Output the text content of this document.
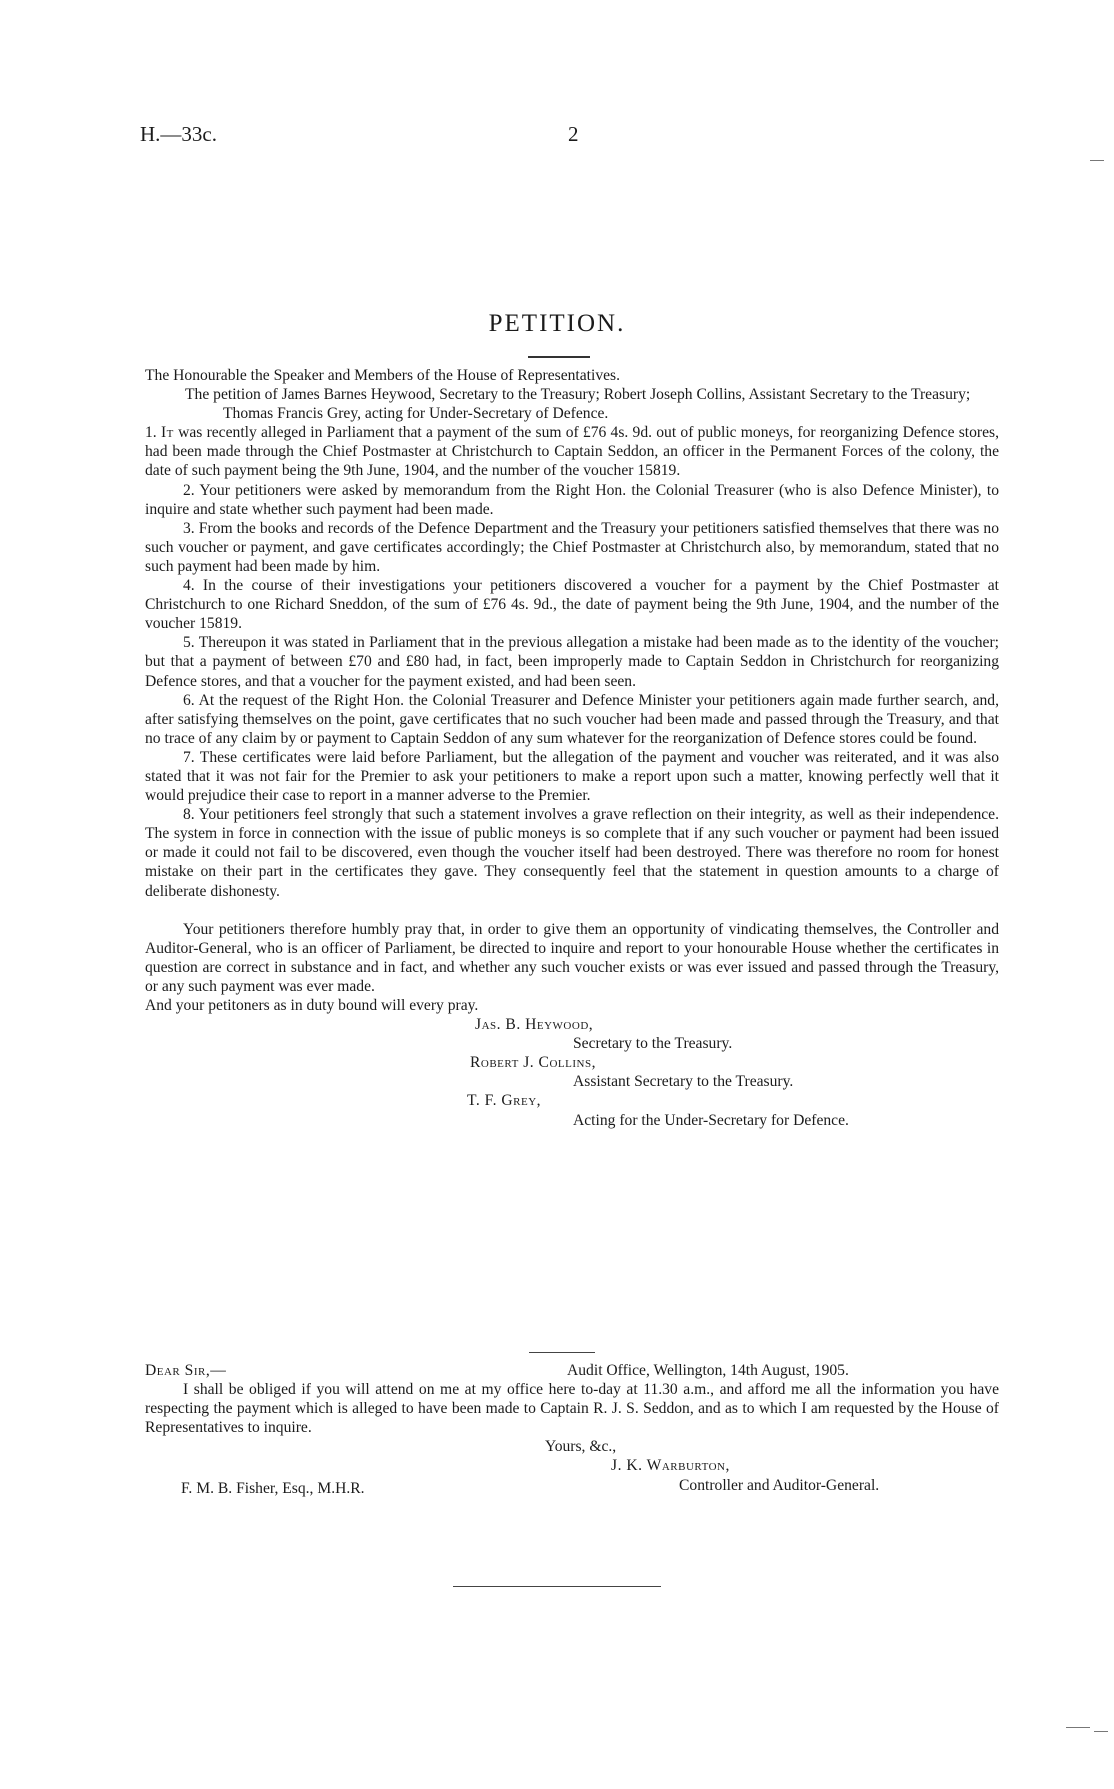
H.—33c.	2
PETITION.

The Honourable the Speaker and Members of the House of Representatives.

The petition of James Barnes Heywood, Secretary to the Treasury; Robert Joseph Collins, Assistant Secretary to the Treasury; Thomas Francis Grey, acting for Under-Secretary of Defence.

1. It was recently alleged in Parliament that a payment of the sum of £76 4s. 9d. out of public moneys, for reorganizing Defence stores, had been made through the Chief Postmaster at Christchurch to Captain Seddon, an officer in the Permanent Forces of the colony, the date of such payment being the 9th June, 1904, and the number of the voucher 15819.

2. Your petitioners were asked by memorandum from the Right Hon. the Colonial Treasurer (who is also Defence Minister), to inquire and state whether such payment had been made.

3. From the books and records of the Defence Department and the Treasury your petitioners satisfied themselves that there was no such voucher or payment, and gave certificates accordingly; the Chief Postmaster at Christchurch also, by memorandum, stated that no such payment had been made by him.

4. In the course of their investigations your petitioners discovered a voucher for a payment by the Chief Postmaster at Christchurch to one Richard Sneddon, of the sum of £76 4s. 9d., the date of payment being the 9th June, 1904, and the number of the voucher 15819.

5. Thereupon it was stated in Parliament that in the previous allegation a mistake had been made as to the identity of the voucher; but that a payment of between £70 and £80 had, in fact, been improperly made to Captain Seddon in Christchurch for reorganizing Defence stores, and that a voucher for the payment existed, and had been seen.

6. At the request of the Right Hon. the Colonial Treasurer and Defence Minister your petitioners again made further search, and, after satisfying themselves on the point, gave certificates that no such voucher had been made and passed through the Treasury, and that no trace of any claim by or payment to Captain Seddon of any sum whatever for the reorganization of Defence stores could be found.

7. These certificates were laid before Parliament, but the allegation of the payment and voucher was reiterated, and it was also stated that it was not fair for the Premier to ask your petitioners to make a report upon such a matter, knowing perfectly well that it would prejudice their case to report in a manner adverse to the Premier.

8. Your petitioners feel strongly that such a statement involves a grave reflection on their integrity, as well as their independence. The system in force in connection with the issue of public moneys is so complete that if any such voucher or payment had been issued or made it could not fail to be discovered, even though the voucher itself had been destroyed. There was therefore no room for honest mistake on their part in the certificates they gave. They consequently feel that the statement in question amounts to a charge of deliberate dishonesty.

Your petitioners therefore humbly pray that, in order to give them an opportunity of vindicating themselves, the Controller and Auditor-General, who is an officer of Parliament, be directed to inquire and report to your honourable House whether the certificates in question are correct in substance and in fact, and whether any such voucher exists or was ever issued and passed through the Treasury, or any such payment was ever made.

And your petitoners as in duty bound will every pray.

Jas. B. Heywood,

Secretary to the Treasury.

Robert J. Collins,

Assistant Secretary to the Treasury.

T. F. Grey,

Acting for the Under-Secretary for Defence.

Dear Sir,—	Audit Office, Wellington, 14th August, 1905.

I shall be obliged if you will attend on me at my office here to-day at 11.30 a.m., and afford me all the information you have respecting the payment which is alleged to have been made to Captain R. J. S. Seddon, and as to which I am requested by the House of Representatives to inquire.

Yours, &c.,

J. K. Warburton,

F. M. B. Fisher, Esq., M.H.R.	Controller and Auditor-General.
